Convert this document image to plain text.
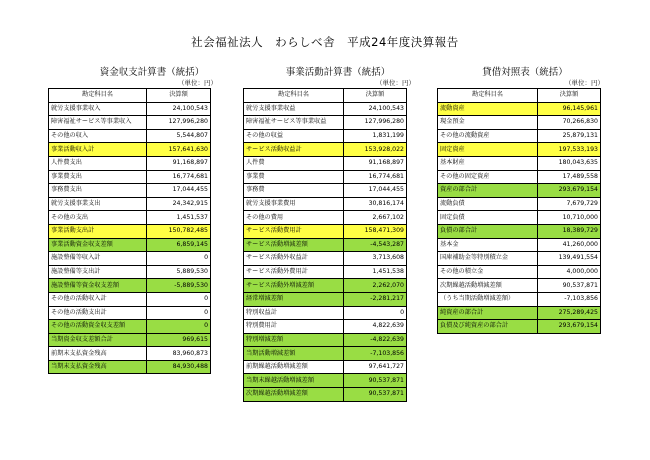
社会福祉法人　わらしべ舎　平成24年度決算報告
資金収支計算書（統括）
（単位：円）
勘定科目名	決算額
就労支援事業収入	24,100,543
障害福祉サービス等事業収入	127,996,280
その他の収入	5,544,807
事業活動収入計	157,641,630
人件費支出	91,168,897
事業費支出	16,774,681
事務費支出	17,044,455
就労支援事業支出	24,342,915
その他の支出	1,451,537
事業活動支出計	150,782,485
事業活動資金収支差額	6,859,145
施設整備等収入計	0
施設整備等支出計	5,889,530
施設整備等資金収支差額	-5,889,530
その他の活動収入計	0
その他の活動支出計	0
その他の活動資金収支差額	0
当期資金収支差額合計	969,615
前期末支払資金残高	83,960,873
当期末支払資金残高	84,930,488
事業活動計算書（統括）
（単位：円）
勘定科目名	決算額
就労支援事業収益	24,100,543
障害福祉サービス等事業収益	127,996,280
その他の収益	1,831,199
サービス活動収益計	153,928,022
人件費	91,168,897
事業費	16,774,681
事務費	17,044,455
就労支援事業費用	30,816,174
その他の費用	2,667,102
サービス活動費用計	158,471,309
サービス活動増減差額	-4,543,287
サービス活動外収益計	3,713,608
サービス活動外費用計	1,451,538
サービス活動外増減差額	2,262,070
経常増減差額	-2,281,217
特別収益計	0
特別費用計	4,822,639
特別増減差額	-4,822,639
当期活動増減差額	-7,103,856
前期繰越活動増減差額	97,641,727
当期末繰越活動増減差額	90,537,871
次期繰越活動増減差額	90,537,871
貸借対照表（統括）
（単位：円）
勘定科目名	決算額
流動資産	96,145,961
現金預金	70,266,830
その他の流動資産	25,879,131
固定資産	197,533,193
基本財産	180,043,635
その他の固定資産	17,489,558
資産の部合計	293,679,154
流動負債	7,679,729
固定負債	10,710,000
負債の部合計	18,389,729
基本金	41,260,000
国庫補助金等特別積立金	139,491,554
その他の積立金	4,000,000
次期繰越活動増減差額	90,537,871
（うち当期活動増減差額）	-7,103,856
純資産の部合計	275,289,425
負債及び純資産の部合計	293,679,154
